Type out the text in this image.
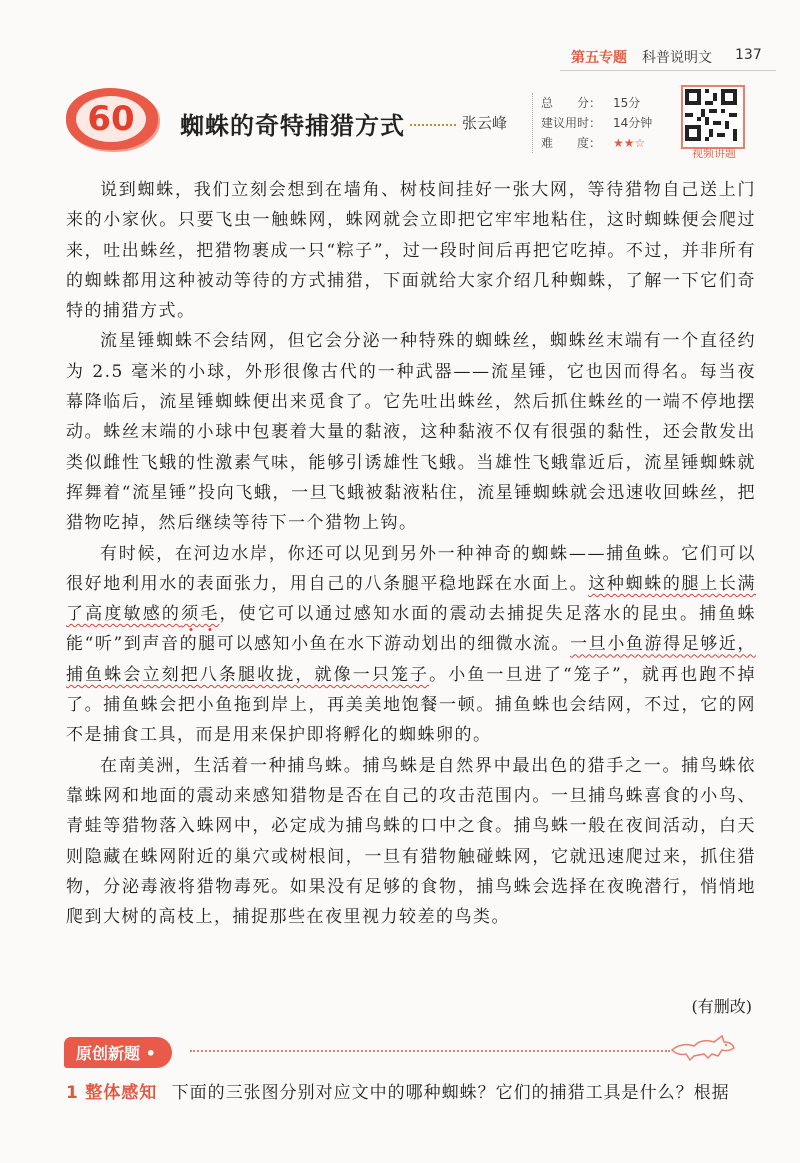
第五专题 科普说明文 137
60	蜘蛛的奇特捕猎方式	张云峰
总　　分： 15分
建议用时： 14分钟
难　　度： ★★☆
视频讲题

说到蜘蛛，我们立刻会想到在墙角、树枝间挂好一张大网，等待猎物自己送上门来的小家伙。只要飞虫一触蛛网，蛛网就会立即把它牢牢地粘住，这时蜘蛛便会爬过来，吐出蛛丝，把猎物裹成一只“粽子”，过一段时间后再把它吃掉。不过，并非所有的蜘蛛都用这种被动等待的方式捕猎，下面就给大家介绍几种蜘蛛，了解一下它们奇特的捕猎方式。

流星锤蜘蛛不会结网，但它会分泌一种特殊的蜘蛛丝，蜘蛛丝末端有一个直径约为 2.5 毫米的小球，外形很像古代的一种武器——流星锤，它也因而得名。每当夜幕降临后，流星锤蜘蛛便出来觅食了。它先吐出蛛丝，然后抓住蛛丝的一端不停地摆动。蛛丝末端的小球中包裹着大量的黏液，这种黏液不仅有很强的黏性，还会散发出类似雌性飞蛾的性激素气味，能够引诱雄性飞蛾。当雄性飞蛾靠近后，流星锤蜘蛛就挥舞着“流星锤”投向飞蛾，一旦飞蛾被黏液粘住，流星锤蜘蛛就会迅速收回蛛丝，把猎物吃掉，然后继续等待下一个猎物上钩。

有时候，在河边水岸，你还可以见到另外一种神奇的蜘蛛——捕鱼蛛。它们可以很好地利用水的表面张力，用自己的八条腿平稳地踩在水面上。这种蜘蛛的腿上长满了高度敏感的须毛，使它可以通过感知水面的震动去捕捉失足落水的昆虫。捕鱼蛛能“听”到声音的腿可以感知小鱼在水下游动划出的细微水流。一旦小鱼游得足够近，捕鱼蛛会立刻把八条腿收拢，就像一只笼子。小鱼一旦进了“笼子”，就再也跑不掉了。捕鱼蛛会把小鱼拖到岸上，再美美地饱餐一顿。捕鱼蛛也会结网，不过，它的网不是捕食工具，而是用来保护即将孵化的蜘蛛卵的。

在南美洲，生活着一种捕鸟蛛。捕鸟蛛是自然界中最出色的猎手之一。捕鸟蛛依靠蛛网和地面的震动来感知猎物是否在自己的攻击范围内。一旦捕鸟蛛喜食的小鸟、青蛙等猎物落入蛛网中，必定成为捕鸟蛛的口中之食。捕鸟蛛一般在夜间活动，白天则隐藏在蛛网附近的巢穴或树根间，一旦有猎物触碰蛛网，它就迅速爬过来，抓住猎物，分泌毒液将猎物毒死。如果没有足够的食物，捕鸟蛛会选择在夜晚潜行，悄悄地爬到大树的高枝上，捕捉那些在夜里视力较差的鸟类。

(有删改)
原创新题 •
1 整体感知 下面的三张图分别对应文中的哪种蜘蛛？它们的捕猎工具是什么？根据
